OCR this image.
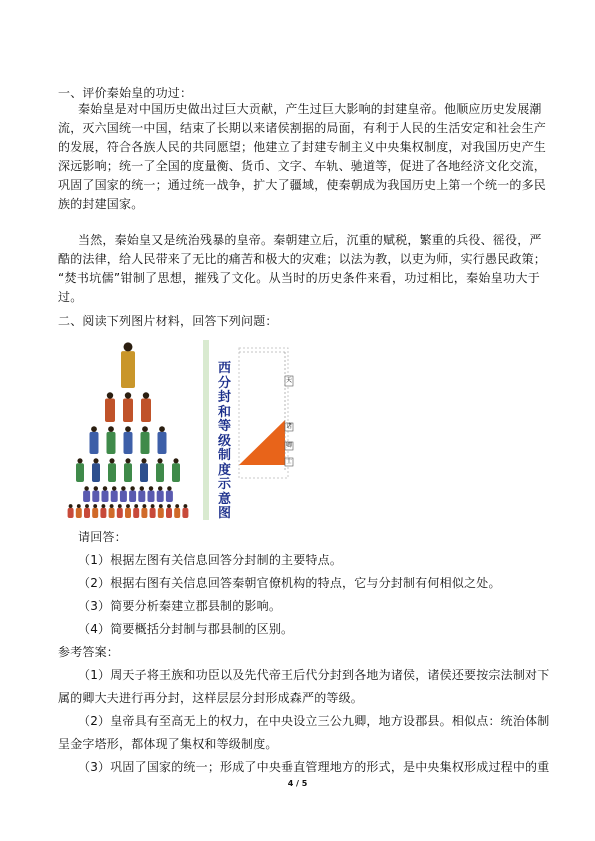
一、评价秦始皇的功过：
秦始皇是对中国历史做出过巨大贡献，产生过巨大影响的封建皇帝。他顺应历史发展潮
流，灭六国统一中国，结束了长期以来诸侯割据的局面，有利于人民的生活安定和社会生产
的发展，符合各族人民的共同愿望；他建立了封建专制主义中央集权制度，对我国历史产生
深远影响；统一了全国的度量衡、货币、文字、车轨、驰道等，促进了各地经济文化交流，
巩固了国家的统一；通过统一战争，扩大了疆域，使秦朝成为我国历史上第一个统一的多民
族的封建国家。
当然，秦始皇又是统治残暴的皇帝。秦朝建立后，沉重的赋税，繁重的兵役、徭役，严
酷的法律，给人民带来了无比的痛苦和极大的灾难；以法为教，以吏为师，实行愚民政策；
“焚书坑儒”钳制了思想，摧残了文化。从当时的历史条件来看，功过相比，秦始皇功大于
过。
二、阅读下列图片材料，回答下列问题：
西分封和等级制度示意图
天
诸
卿
士
请回答：
（1）根据左图有关信息回答分封制的主要特点。
（2）根据右图有关信息回答秦朝官僚机构的特点，它与分封制有何相似之处。
（3）简要分析秦建立郡县制的影响。
（4）简要概括分封制与郡县制的区别。
参考答案：
（1）周天子将王族和功臣以及先代帝王后代分封到各地为诸侯，诸侯还要按宗法制对下
属的卿大夫进行再分封，这样层层分封形成森严的等级。
（2）皇帝具有至高无上的权力，在中央设立三公九卿，地方设郡县。相似点：统治体制
呈金字塔形，都体现了集权和等级制度。
（3）巩固了国家的统一；形成了中央垂直管理地方的形式，是中央集权形成过程中的重
4 / 5
